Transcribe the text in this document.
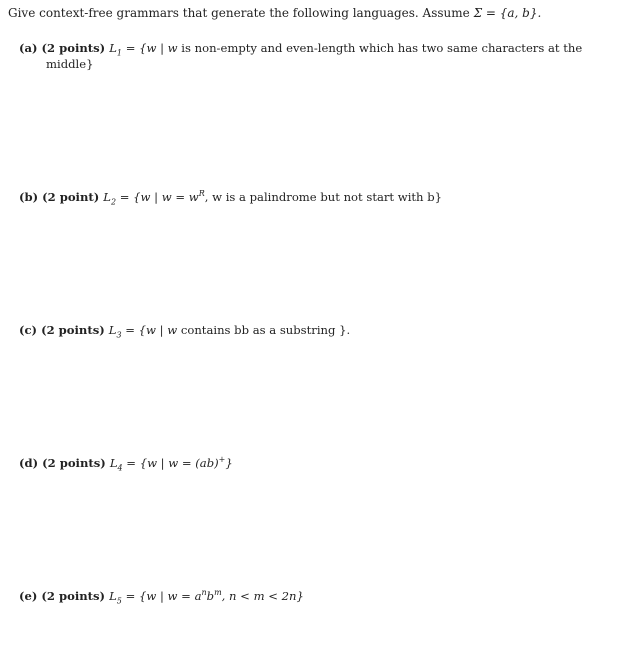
Give context-free grammars that generate the following languages. Assume Σ = {a, b}.
(a) (2 points) $L_1 = \{w$ | w is non-empty and even-length which has two same characters at the
middle}
(b) (2 point) $L_2 = \{w$ | $w = w^R$, w is a palindrome but not start with b}
(c) (2 points) $L_3 = \{w$ | w contains bb as a substring }.
(d) (2 points) $L_4 = \{w$ | w = (ab)+}
(e) (2 points) $L_5 = \{w$ | $w = a^nb^m$, n < m < 2n}
